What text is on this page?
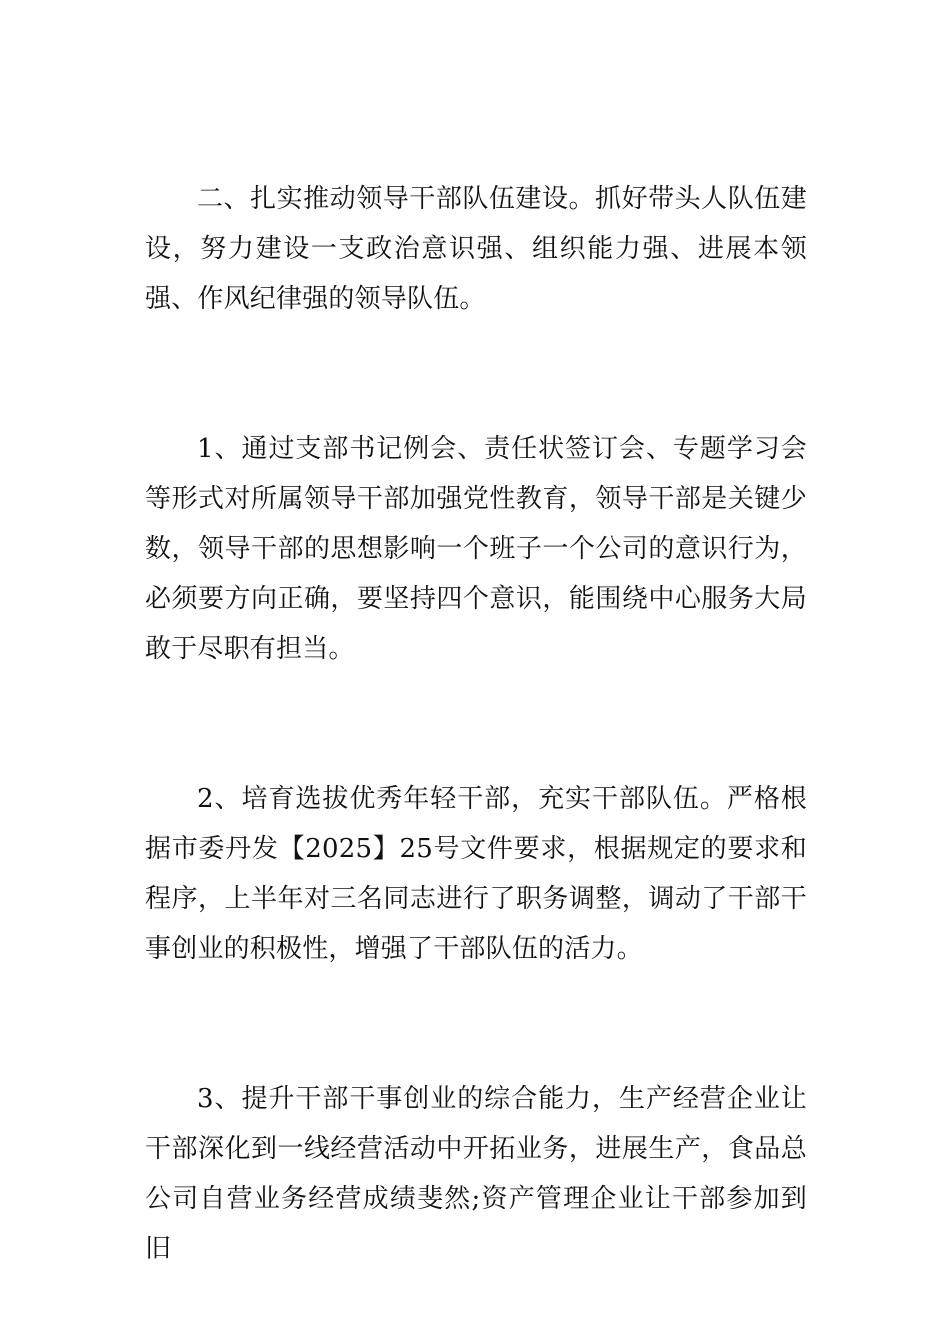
二、扎实推动领导干部队伍建设。抓好带头人队伍建设，努力建设一支政治意识强、组织能力强、进展本领强、作风纪律强的领导队伍。

1、通过支部书记例会、责任状签订会、专题学习会等形式对所属领导干部加强党性教育，领导干部是关键少数，领导干部的思想影响一个班子一个公司的意识行为，必须要方向正确，要坚持四个意识，能围绕中心服务大局敢于尽职有担当。

2、培育选拔优秀年轻干部，充实干部队伍。严格根据市委丹发【2025】25号文件要求，根据规定的要求和程序，上半年对三名同志进行了职务调整，调动了干部干事创业的积极性，增强了干部队伍的活力。

3、提升干部干事创业的综合能力，生产经营企业让干部深化到一线经营活动中开拓业务，进展生产，食品总公司自营业务经营成绩斐然;资产管理企业让干部参加到旧
